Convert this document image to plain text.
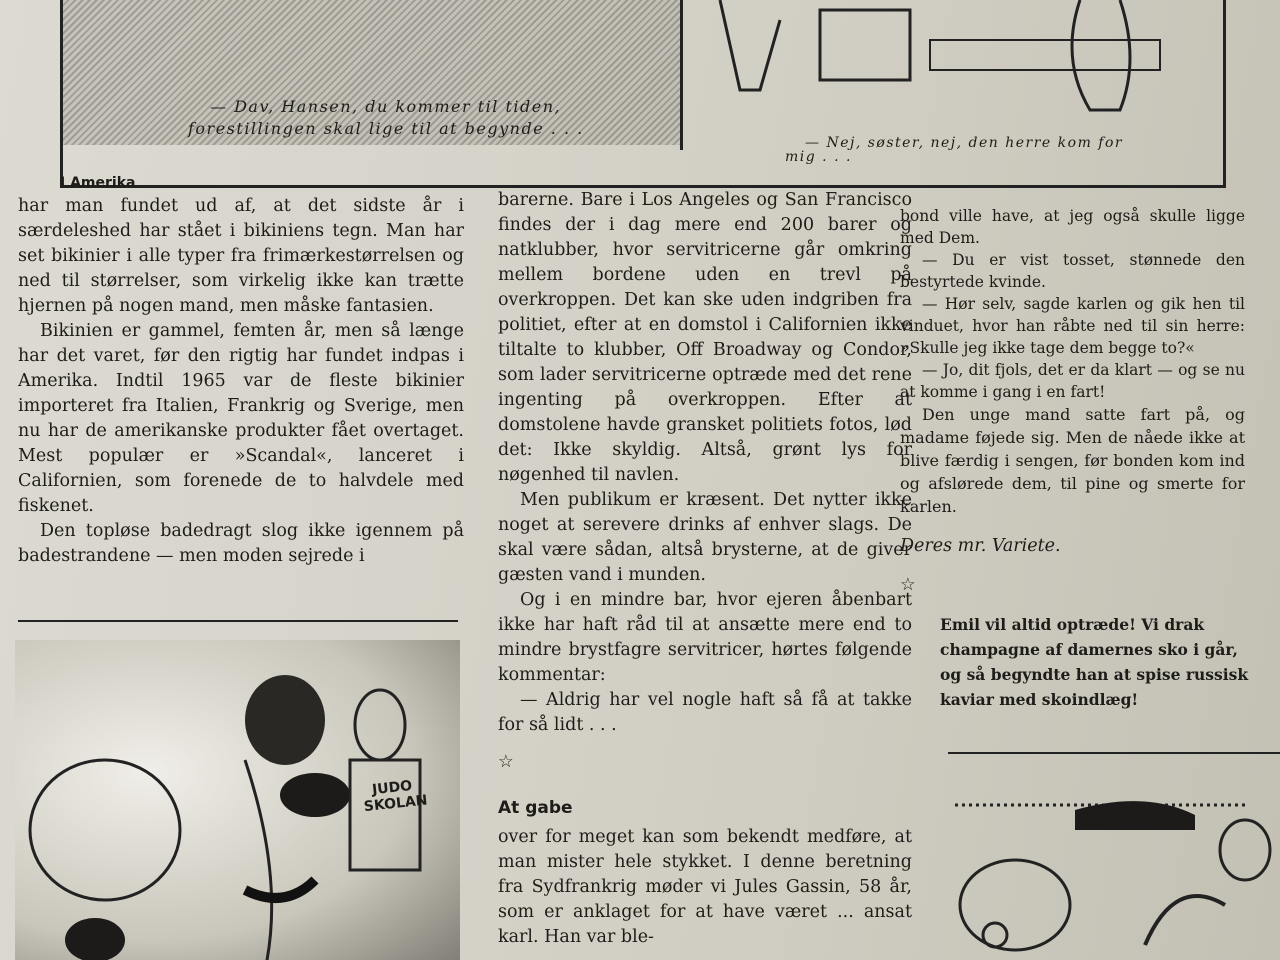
— Dav, Hansen, du kommer til tiden,

forestillingen skal lige til at begynde . . .

— Nej, søster, nej, den herre kom for

mig . . .

I Amerika

har man fundet ud af, at det sidste år i særdeleshed har stået i bikiniens tegn. Man har set bikinier i alle typer fra frimærkestørrelsen og ned til størrelser, som virkelig ikke kan trætte hjernen på nogen mand, men måske fantasien.

Bikinien er gammel, femten år, men så længe har det varet, før den rigtig har fundet indpas i Amerika. Indtil 1965 var de fleste bikinier importeret fra Italien, Frankrig og Sverige, men nu har de amerikanske produkter fået overtaget. Mest populær er »Scandal«, lanceret i Californien, som forenede de to halvdele med fiskenet.

Den topløse badedragt slog ikke igennem på badestrandene — men moden sejrede i

JUDO SKOLAN

barerne. Bare i Los Angeles og San Francisco findes der i dag mere end 200 barer og natklubber, hvor servitricerne går omkring mellem bordene uden en trevl på overkroppen. Det kan ske uden indgriben fra politiet, efter at en domstol i Californien ikke tiltalte to klubber, Off Broadway og Condor, som lader servitricerne optræde med det rene ingenting på overkroppen. Efter at domstolene havde gransket politiets fotos, lød det: Ikke skyldig. Altså, grønt lys for nøgenhed til navlen.

Men publikum er kræsent. Det nytter ikke noget at serevere drinks af enhver slags. De skal være sådan, altså brysterne, at de giver gæsten vand i munden.

Og i en mindre bar, hvor ejeren åbenbart ikke har haft råd til at ansætte mere end to mindre brystfagre servitricer, hørtes følgende kommentar:

— Aldrig har vel nogle haft så få at takke for så lidt . . .

☆

At gabe

over for meget kan som bekendt medføre, at man mister hele stykket. I denne beretning fra Sydfrankrig møder vi Jules Gassin, 58 år, som er anklaget for at have været ... ansat karl. Han var ble-

bond ville have, at jeg også skulle ligge med Dem.

— Du er vist tosset, stønnede den bestyrtede kvinde.

— Hør selv, sagde karlen og gik hen til vinduet, hvor han råbte ned til sin herre: »Skulle jeg ikke tage dem begge to?«

— Jo, dit fjols, det er da klart — og se nu at komme i gang i en fart!

Den unge mand satte fart på, og madame føjede sig. Men de nåede ikke at blive færdig i sengen, før bonden kom ind og afslørede dem, til pine og smerte for karlen.

Deres mr. Variete.

☆

Emil vil altid optræde! Vi drak champagne af damernes sko i går, og så begyndte han at spise russisk kaviar med skoindlæg!
